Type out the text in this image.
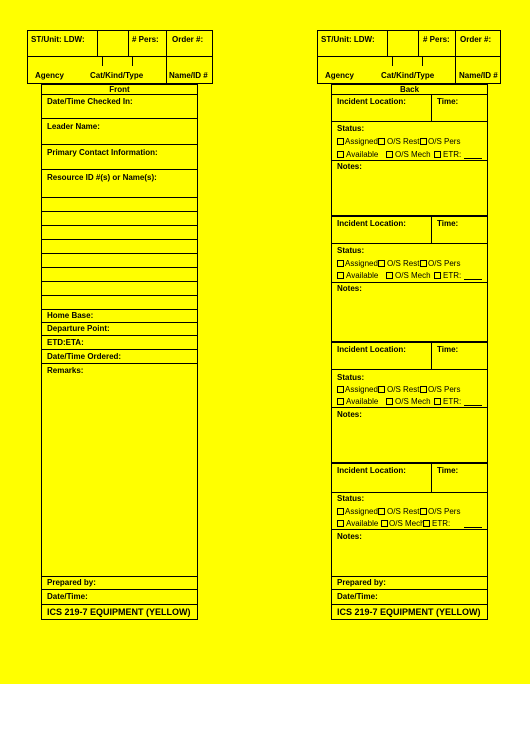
ST/Unit: LDW:	# Pers: Order #:
Agency	Cat/Kind/Type	Name/ID #
Front
Date/Time Checked In:
Leader Name:
Primary Contact Information:
Resource ID #(s) or Name(s):
Home Base:
Departure Point:
ETD:ETA:
Date/Time Ordered:
Remarks:
Prepared by:
Date/Time:
ICS 219-7 EQUIPMENT (YELLOW)
ST/Unit: LDW:	# Pers: Order #:
Agency	Cat/Kind/Type	Name/ID #
Back
Incident Location:	Time:
Status:
Assigned O/S Rest O/S Pers
Available O/S Mech ETR:
Notes:
Incident Location:	Time:
Status:
Assigned O/S Rest O/S Pers
Available O/S Mech ETR:
Notes:
Incident Location:	Time:
Status:
Assigned O/S Rest O/S Pers
Available O/S Mech ETR:
Notes:
Incident Location:	Time:
Status:
Assigned O/S Rest O/S Pers
Available O/S Mech ETR:
Notes:
Prepared by:
Date/Time:
ICS 219-7 EQUIPMENT (YELLOW)
